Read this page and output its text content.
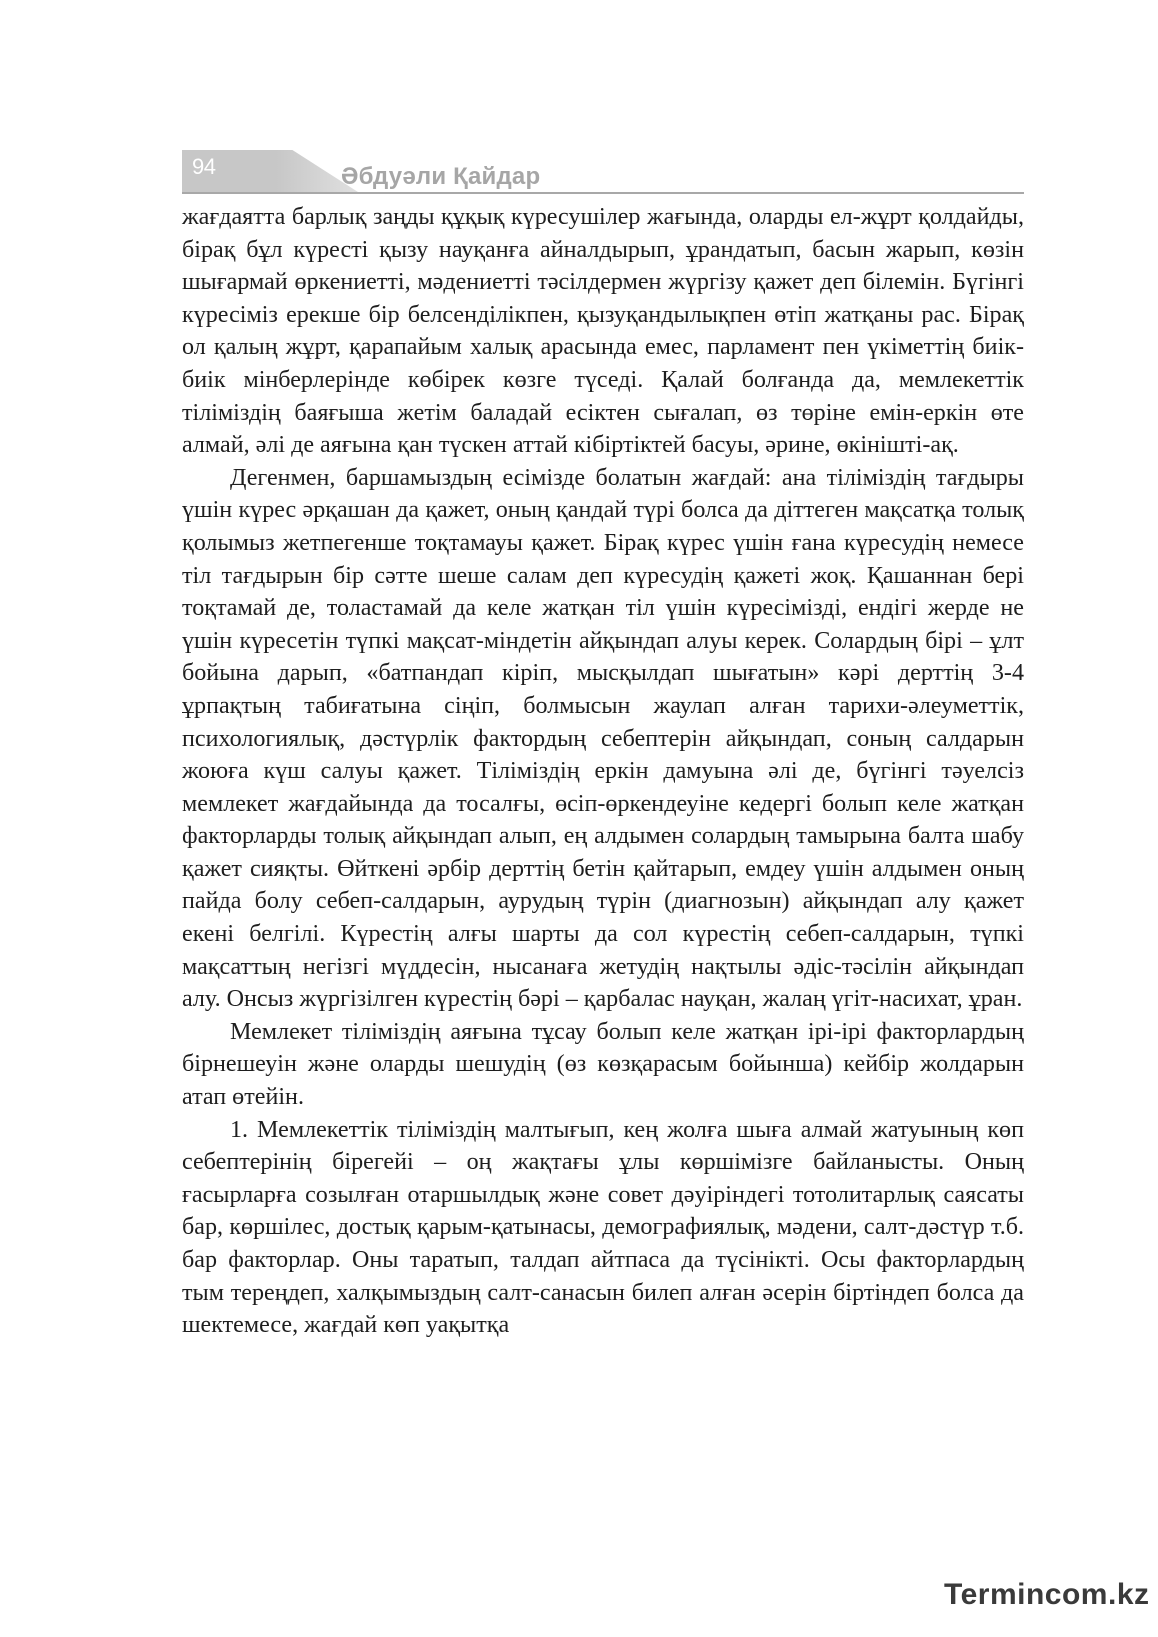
94	Әбдуәли Қайдар

жағдаятта барлық заңды құқық күресушілер жағында, оларды ел-жұрт қолдайды, бірақ бұл күресті қызу науқанға айналдырып, ұрандатып, басын жарып, көзін шығармай өркениетті, мәдениетті тәсілдермен жүргізу қажет деп білемін. Бүгінгі күресіміз ерекше бір белсенділікпен, қызуқандылықпен өтіп жатқаны рас. Бірақ ол қалың жұрт, қарапайым халық арасында емес, парламент пен үкіметтің биік-биік мінберлерінде көбірек көзге түседі. Қалай болғанда да, мемлекеттік тіліміздің баяғыша жетім баладай есіктен сығалап, өз төріне емін-еркін өте алмай, әлі де аяғына қан түскен аттай кібіртіктей басуы, әрине, өкінішті-ақ.

Дегенмен, баршамыздың есімізде болатын жағдай: ана тіліміздің тағдыры үшін күрес әрқашан да қажет, оның қандай түрі болса да діттеген мақсатқа толық қолымыз жетпегенше тоқтамауы қажет. Бірақ күрес үшін ғана күресудің немесе тіл тағдырын бір сәтте шеше салам деп күресудің қажеті жоқ. Қашаннан бері тоқтамай де, толастамай да келе жатқан тіл үшін күресімізді, ендігі жерде не үшін күресетін түпкі мақсат-міндетін айқындап алуы керек. Солардың бірі – ұлт бойына дарып, «батпандап кіріп, мысқылдап шығатын» кәрі дерттің 3-4 ұрпақтың табиғатына сіңіп, болмысын жаулап алған тарихи-әлеуметтік, психологиялық, дәстүрлік фактордың себептерін айқындап, соның салдарын жоюға күш салуы қажет. Тіліміздің еркін дамуына әлі де, бүгінгі тәуелсіз мемлекет жағдайында да тосалғы, өсіп-өркендеуіне кедергі болып келе жатқан факторларды толық айқындап алып, ең алдымен солардың тамырына балта шабу қажет сияқты. Өйткені әрбір дерттің бетін қайтарып, емдеу үшін алдымен оның пайда болу себеп-салдарын, аурудың түрін (диагнозын) айқындап алу қажет екені белгілі. Күрестің алғы шарты да сол күрестің себеп-салдарын, түпкі мақсаттың негізгі мүддесін, нысанаға жетудің нақтылы әдіс-тәсілін айқындап алу. Онсыз жүргізілген күрестің бәрі – қарбалас науқан, жалаң үгіт-насихат, ұран.

Мемлекет тіліміздің аяғына тұсау болып келе жатқан ірі-ірі факторлардың бірнешеуін және оларды шешудің (өз көзқарасым бойынша) кейбір жолдарын атап өтейін.

1. Мемлекеттік тіліміздің малтығып, кең жолға шыға алмай жатуының көп себептерінің бірегейі – оң жақтағы ұлы көршімізге байланысты. Оның ғасырларға созылған отаршылдық және совет дәуіріндегі тотолитарлық саясаты бар, көршілес, достық қарым-қатынасы, демографиялық, мәдени, салт-дәстүр т.б. бар факторлар. Оны таратып, талдап айтпаса да түсінікті. Осы факторлардың тым тереңдеп, халқымыздың салт-санасын билеп алған әсерін біртіндеп болса да шектемесе, жағдай көп уақытқа

Termincom.kz
